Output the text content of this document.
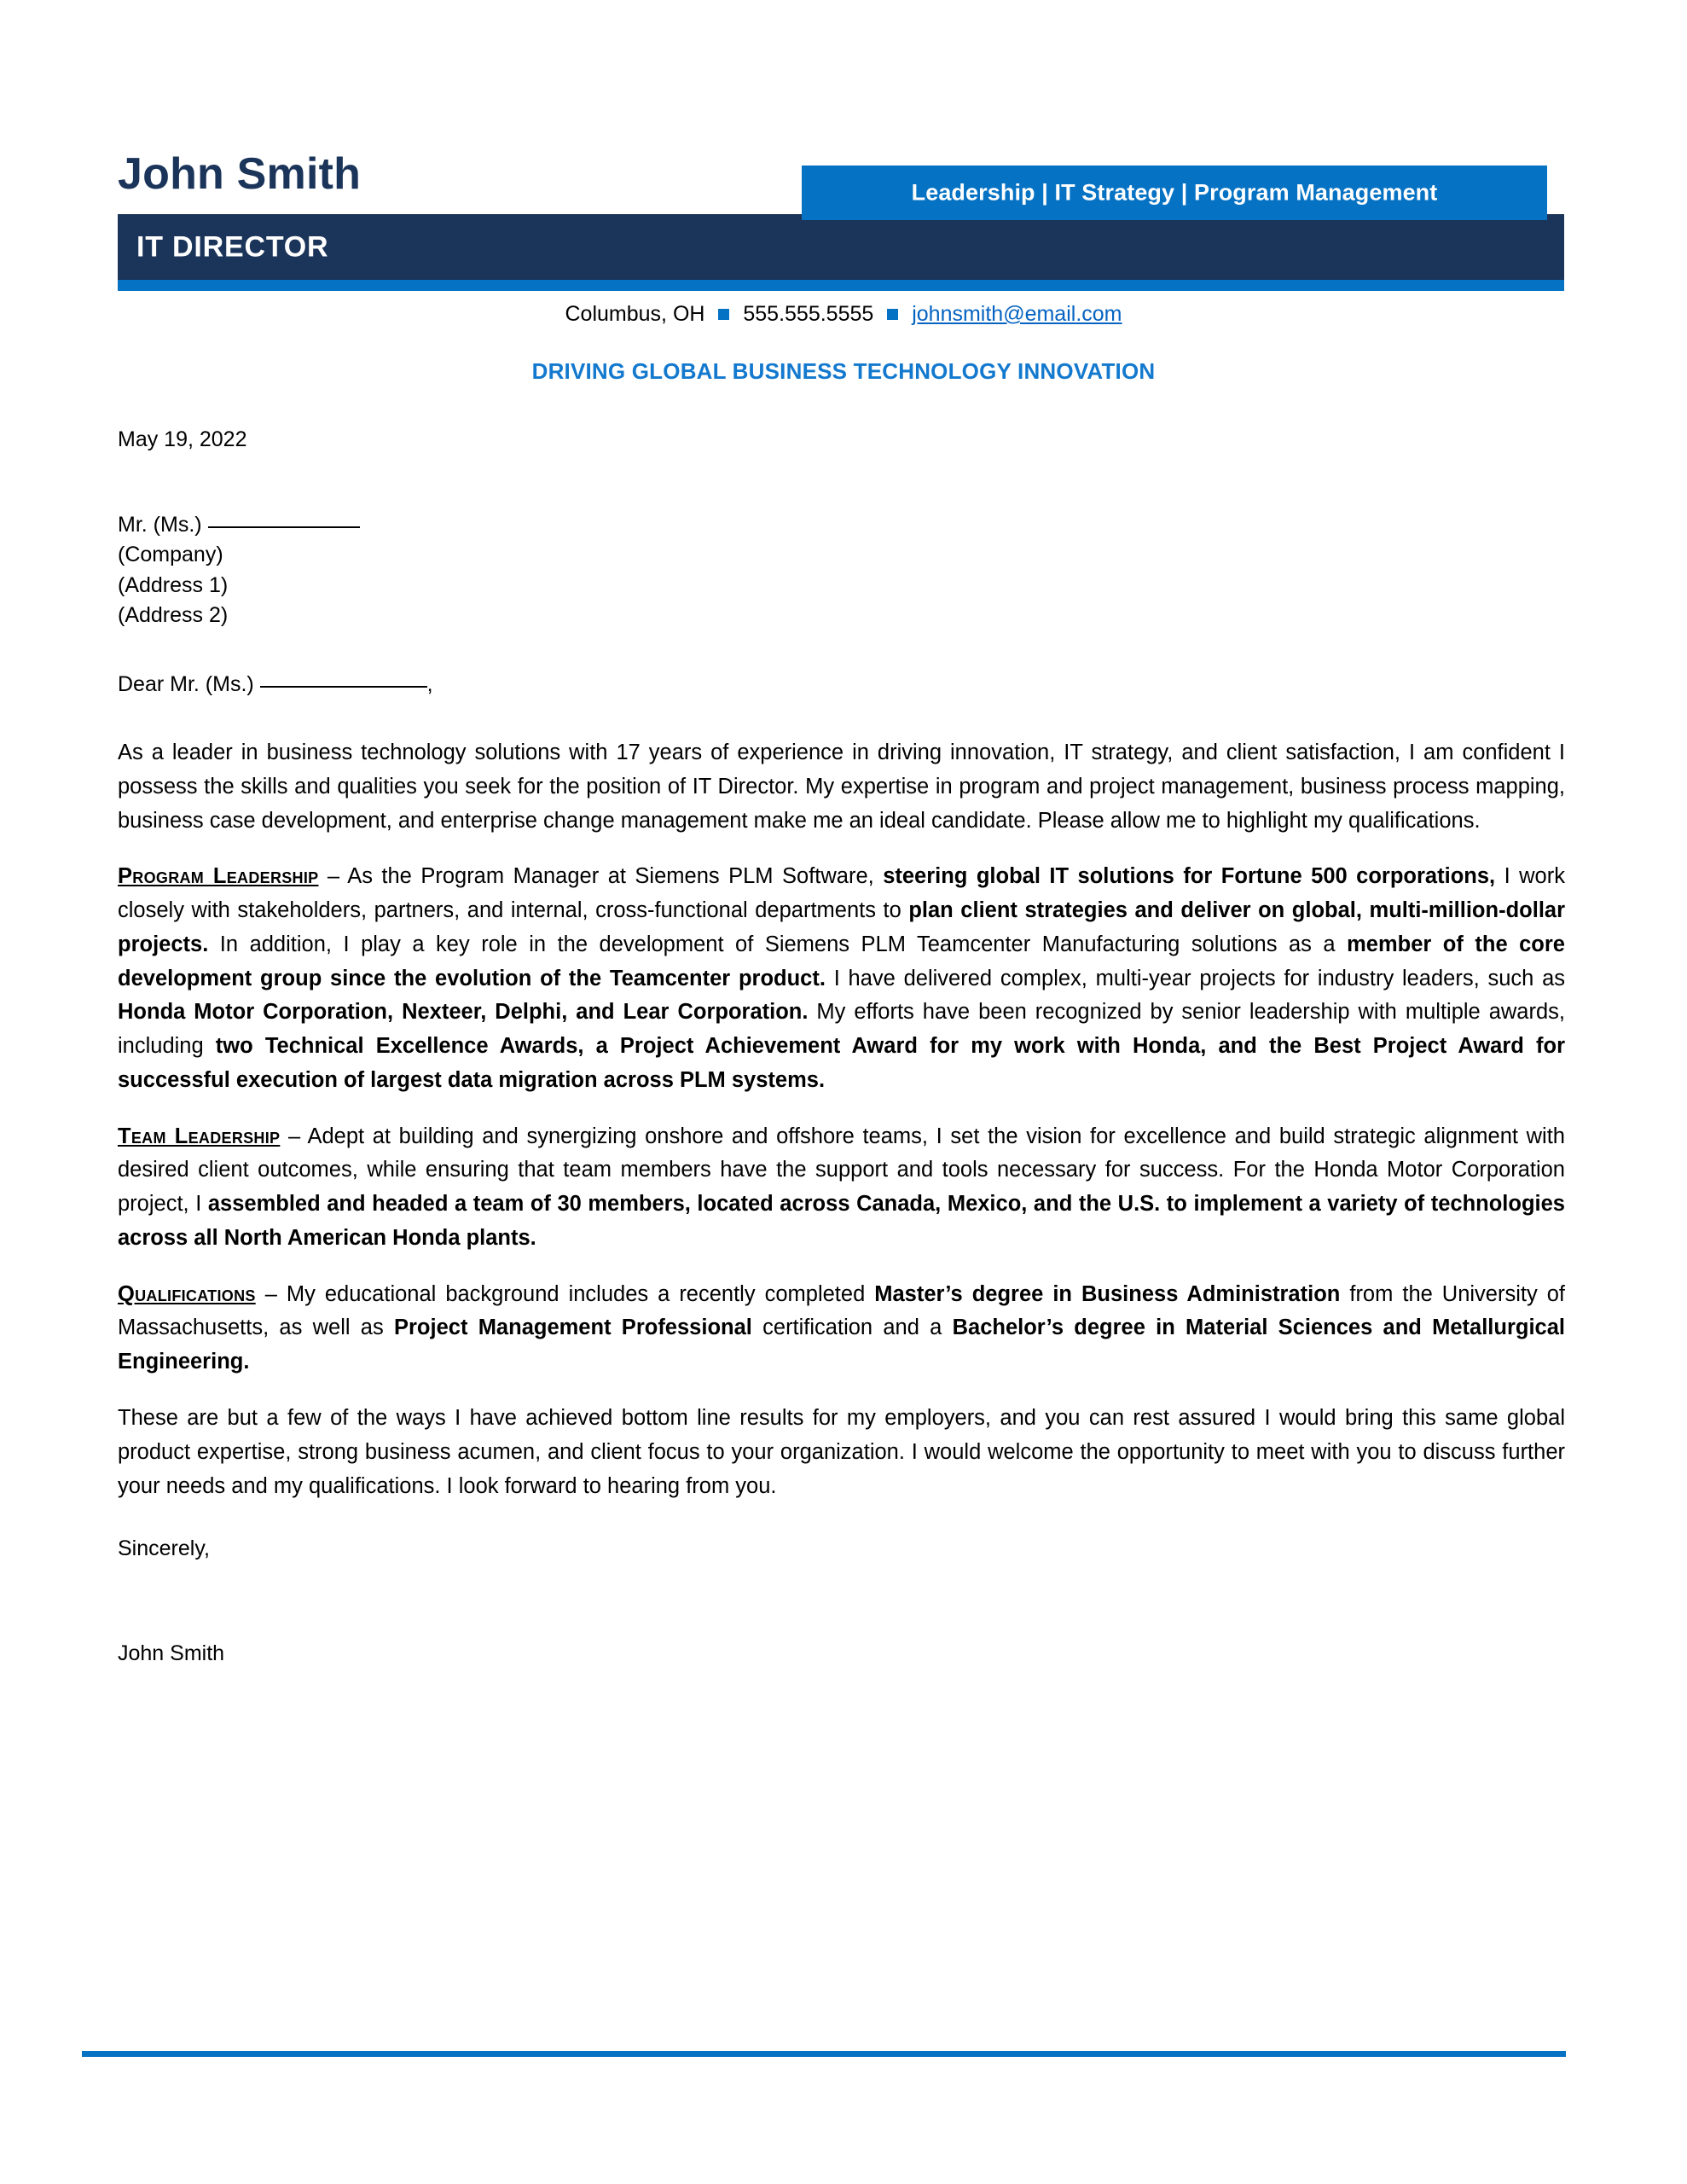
John Smith	Leadership | IT Strategy | Program Management
IT DIRECTOR
Columbus, OH 555.555.5555 johnsmith@email.com
DRIVING GLOBAL BUSINESS TECHNOLOGY INNOVATION
May 19, 2022
Mr. (Ms.)
(Company)
(Address 1)
(Address 2)
Dear Mr. (Ms.)	,

As a leader in business technology solutions with 17 years of experience in driving innovation, IT strategy, and client satisfaction, I am confident I possess the skills and qualities you seek for the position of IT Director. My expertise in program and project management, business process mapping, business case development, and enterprise change management make me an ideal candidate. Please allow me to highlight my qualifications.

Program Leadership – As the Program Manager at Siemens PLM Software, steering global IT solutions for Fortune 500 corporations, I work closely with stakeholders, partners, and internal, cross-functional departments to plan client strategies and deliver on global, multi-million-dollar projects. In addition, I play a key role in the development of Siemens PLM Teamcenter Manufacturing solutions as a member of the core development group since the evolution of the Teamcenter product. I have delivered complex, multi-year projects for industry leaders, such as Honda Motor Corporation, Nexteer, Delphi, and Lear Corporation. My efforts have been recognized by senior leadership with multiple awards, including two Technical Excellence Awards, a Project Achievement Award for my work with Honda, and the Best Project Award for successful execution of largest data migration across PLM systems.

Team Leadership – Adept at building and synergizing onshore and offshore teams, I set the vision for excellence and build strategic alignment with desired client outcomes, while ensuring that team members have the support and tools necessary for success. For the Honda Motor Corporation project, I assembled and headed a team of 30 members, located across Canada, Mexico, and the U.S. to implement a variety of technologies across all North American Honda plants.

Qualifications – My educational background includes a recently completed Master’s degree in Business Administration from the University of Massachusetts, as well as Project Management Professional certification and a Bachelor’s degree in Material Sciences and Metallurgical Engineering.

These are but a few of the ways I have achieved bottom line results for my employers, and you can rest assured I would bring this same global product expertise, strong business acumen, and client focus to your organization. I would welcome the opportunity to meet with you to discuss further your needs and my qualifications. I look forward to hearing from you.

Sincerely,
John Smith
